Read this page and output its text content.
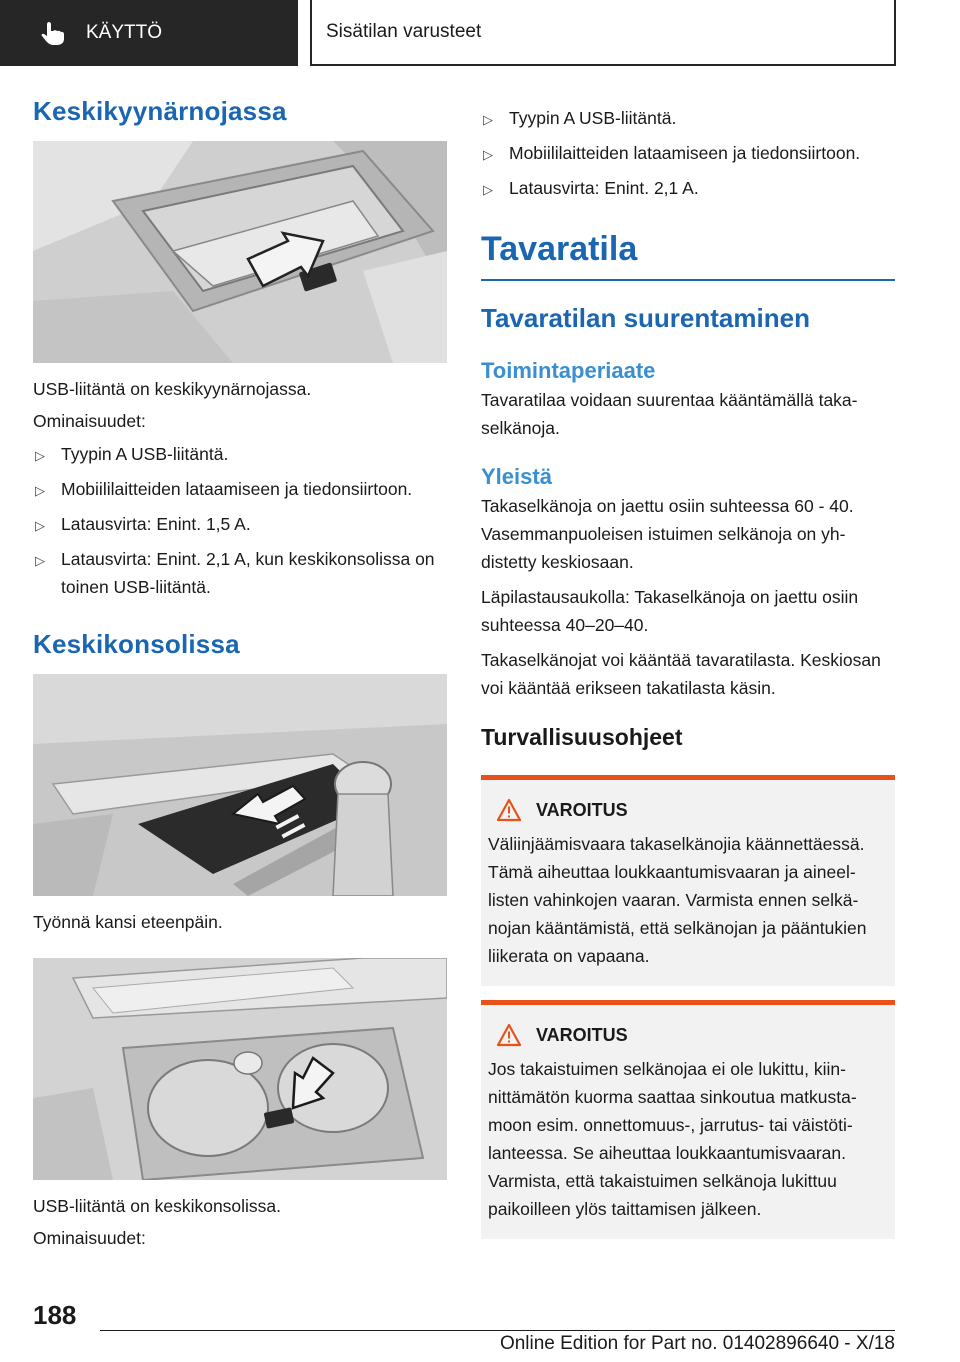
KÄYTTÖ	Sisätilan varusteet
Keskikyynärnojassa

USB-liitäntä on keskikyynärnojassa.

Ominaisuudet:

▷ Tyypin A USB-liitäntä.
▷ Mobiililaitteiden lataamiseen ja tiedonsiirtoon.
▷ Latausvirta: Enint. 1,5 A.
▷ Latausvirta: Enint. 2,1 A, kun keskikonsolissa on toinen USB-liitäntä.
Keskikonsolissa

Työnnä kansi eteenpäin.

USB-liitäntä on keskikonsolissa.

Ominaisuudet:

▷ Tyypin A USB-liitäntä.
▷ Mobiililaitteiden lataamiseen ja tiedonsiirtoon.
▷ Latausvirta: Enint. 2,1 A.
Tavaratila
Tavaratilan suurentaminen
Toimintaperiaate

Tavaratilaa voidaan suurentaa kääntämällä takaselkänoja.

Yleistä

Takaselkänoja on jaettu osiin suhteessa 60 - 40. Vasemmanpuoleisen istuimen selkänoja on yhdistetty keskiosaan.

Läpilastausaukolla: Takaselkänoja on jaettu osiin suhteessa 40–20–40.

Takaselkänojat voi kääntää tavaratilasta. Keskiosan voi kääntää erikseen takatilasta käsin.

Turvallisuusohjeet
VAROITUS

Väliinjäämisvaara takaselkänojia käännettäessä. Tämä aiheuttaa loukkaantumisvaaran ja aineellisten vahinkojen vaaran. Varmista ennen selkänojan kääntämistä, että selkänojan ja pääntukien liikerata on vapaana.

VAROITUS

Jos takaistuimen selkänojaa ei ole lukittu, kiinnittämätön kuorma saattaa sinkoutua matkustamoon esim. onnettomuus-, jarrutus- tai väistötilanteessa. Se aiheuttaa loukkaantumisvaaran. Varmista, että takaistuimen selkänoja lukittuu paikoilleen ylös taittamisen jälkeen.

188
Online Edition for Part no. 01402896640 - X/18
